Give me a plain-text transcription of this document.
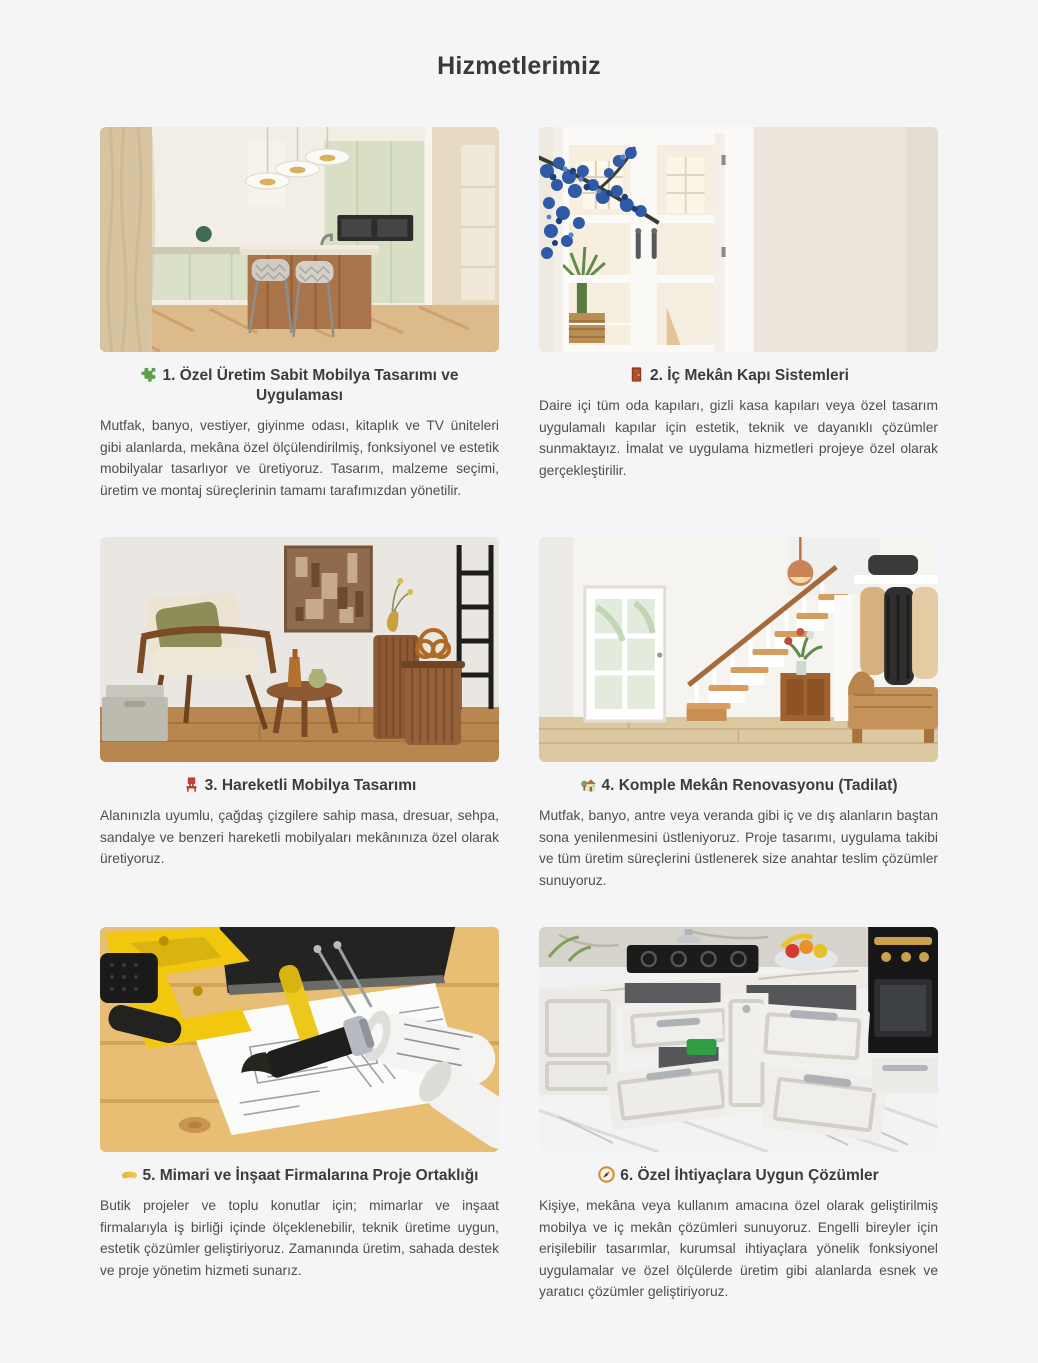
Hizmetlerimiz
1. Özel Üretim Sabit Mobilya Tasarımı ve Uygulaması

Mutfak, banyo, vestiyer, giyinme odası, kitaplık ve TV üniteleri gibi alanlarda, mekâna özel ölçülendirilmiş, fonksiyonel ve estetik mobilyalar tasarlıyor ve üretiyoruz. Tasarım, malzeme seçimi, üretim ve montaj süreçlerinin tamamı tarafımızdan yönetilir.

2. İç Mekân Kapı Sistemleri

Daire içi tüm oda kapıları, gizli kasa kapıları veya özel tasarım uygulamalı kapılar için estetik, teknik ve dayanıklı çözümler sunmaktayız. İmalat ve uygulama hizmetleri projeye özel olarak gerçekleştirilir.

3. Hareketli Mobilya Tasarımı

Alanınızla uyumlu, çağdaş çizgilere sahip masa, dresuar, sehpa, sandalye ve benzeri hareketli mobilyaları mekânınıza özel olarak üretiyoruz.

4. Komple Mekân Renovasyonu (Tadilat)

Mutfak, banyo, antre veya veranda gibi iç ve dış alanların baştan sona yenilenmesini üstleniyoruz. Proje tasarımı, uygulama takibi ve tüm üretim süreçlerini üstlenerek size anahtar teslim çözümler sunuyoruz.

5. Mimari ve İnşaat Firmalarına Proje Ortaklığı

Butik projeler ve toplu konutlar için; mimarlar ve inşaat firmalarıyla iş birliği içinde ölçeklenebilir, teknik üretime uygun, estetik çözümler geliştiriyoruz. Zamanında üretim, sahada destek ve proje yönetim hizmeti sunarız.

6. Özel İhtiyaçlara Uygun Çözümler

Kişiye, mekâna veya kullanım amacına özel olarak geliştirilmiş mobilya ve iç mekân çözümleri sunuyoruz. Engelli bireyler için erişilebilir tasarımlar, kurumsal ihtiyaçlara yönelik fonksiyonel uygulamalar ve özel ölçülerde üretim gibi alanlarda esnek ve yaratıcı çözümler geliştiriyoruz.
